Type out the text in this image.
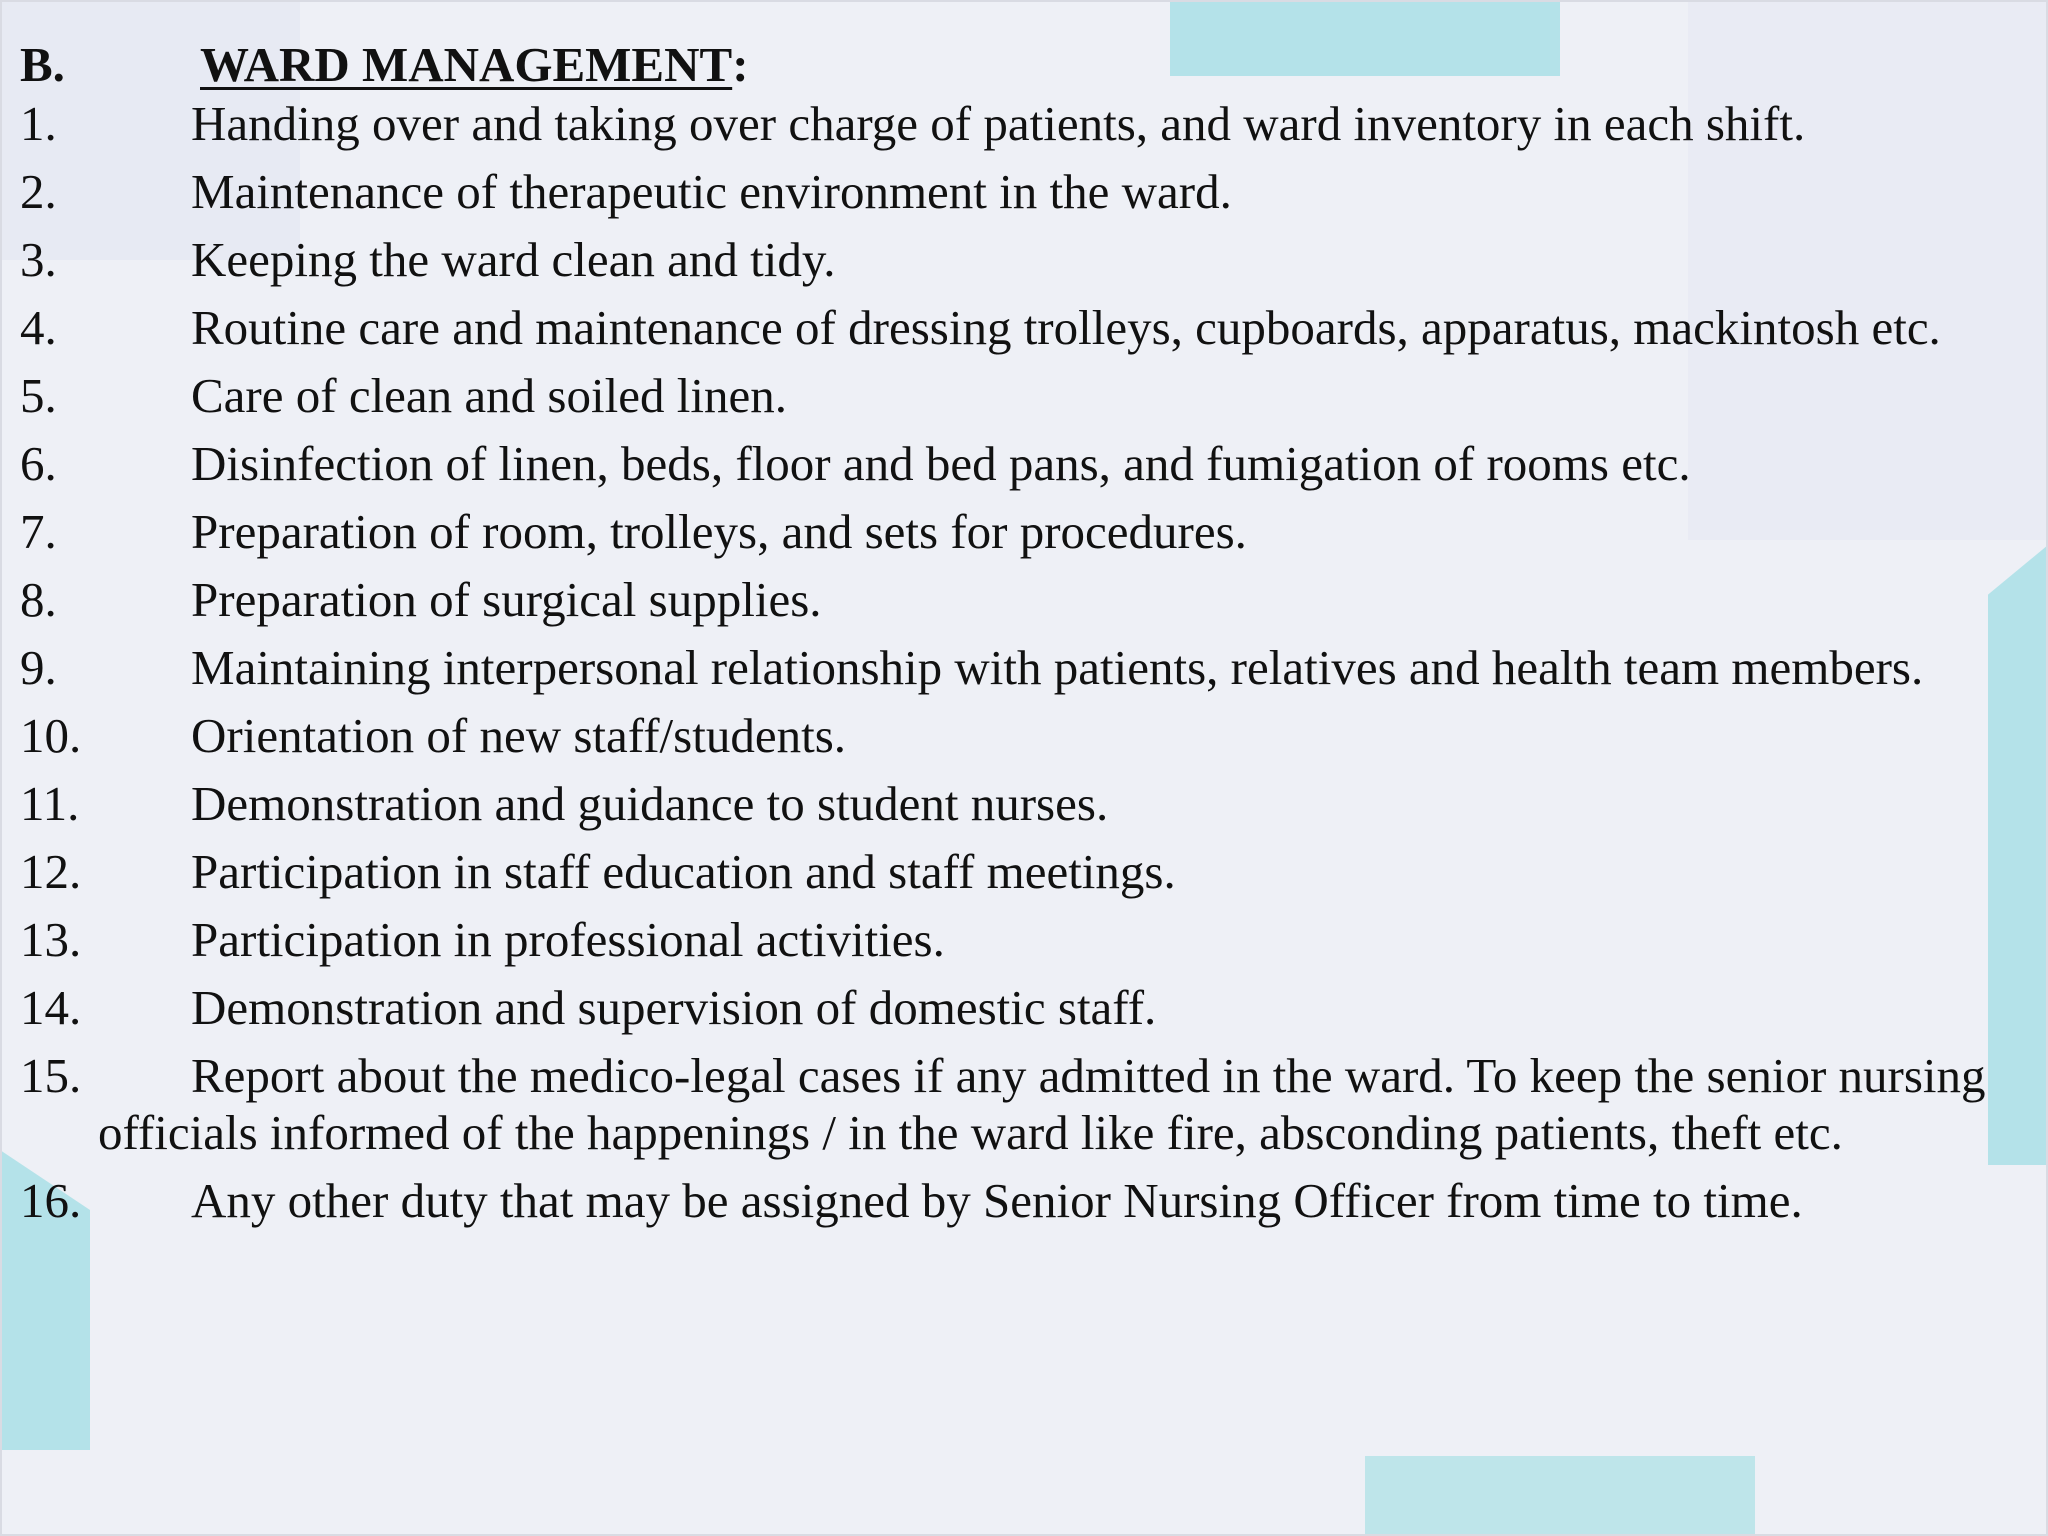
B.	WARD MANAGEMENT :
1.	Handing over and taking over charge of patients, and ward inventory in each shift.
2.	Maintenance of therapeutic environment in the ward.
3.	Keeping the ward clean and tidy.
4.	Routine care and maintenance of dressing trolleys, cupboards, apparatus, mackintosh etc.
5.	Care of clean and soiled linen.
6.	Disinfection of linen, beds, floor and bed pans, and fumigation of rooms etc.
7.	Preparation of room, trolleys, and sets for procedures.
8.	Preparation of surgical supplies.
9.	Maintaining interpersonal relationship with patients, relatives and health team members.
10.	Orientation of new staff/students.
11.	Demonstration and guidance to student nurses.
12.	Participation in staff education and staff meetings.
13.	Participation in professional activities.
14.	Demonstration and supervision of domestic staff.
15.	Report about the medico-legal cases if any admitted in the ward. To keep the senior nursing officials informed of the happenings / in the ward like fire, absconding patients, theft etc.
16.	Any other duty that may be assigned by Senior Nursing Officer from time to time.
